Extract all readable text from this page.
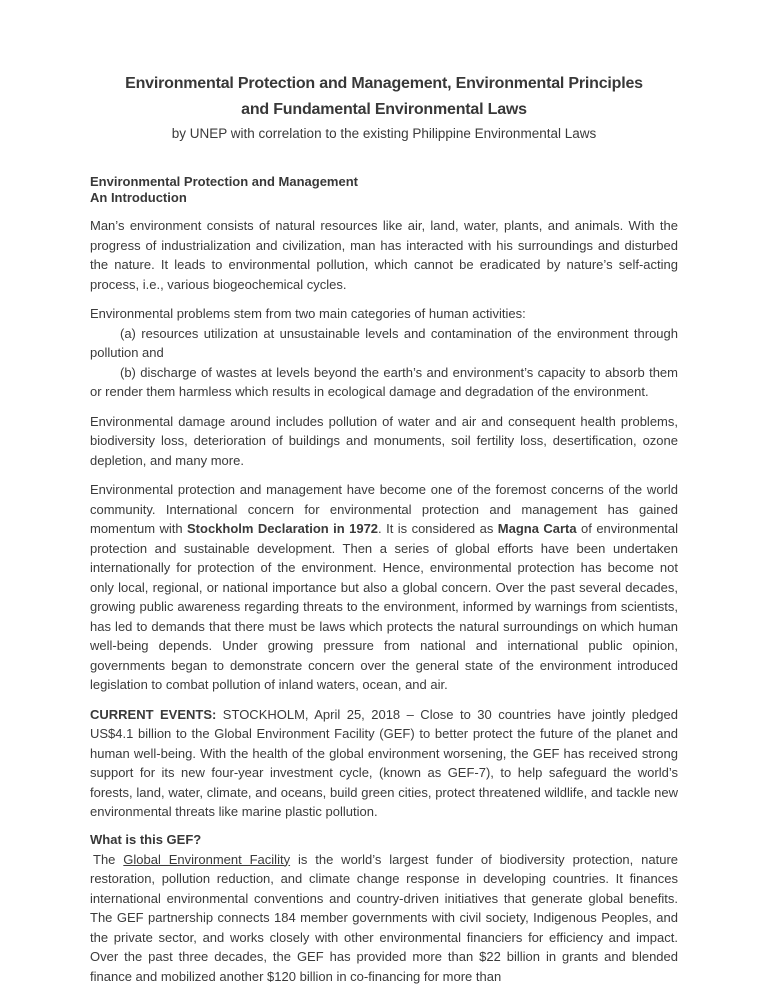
Environmental Protection and Management, Environmental Principles
and Fundamental Environmental Laws
by UNEP with correlation to the existing Philippine Environmental Laws
Environmental Protection and Management
An Introduction

Man’s environment consists of natural resources like air, land, water, plants, and animals. With the progress of industrialization and civilization, man has interacted with his surroundings and disturbed the nature. It leads to environmental pollution, which cannot be eradicated by nature’s self-acting process, i.e., various biogeochemical cycles.

Environmental problems stem from two main categories of human activities:

(a) resources utilization at unsustainable levels and contamination of the environment through pollution and

(b) discharge of wastes at levels beyond the earth’s and environment’s capacity to absorb them or render them harmless which results in ecological damage and degradation of the environment.

Environmental damage around includes pollution of water and air and consequent health problems, biodiversity loss, deterioration of buildings and monuments, soil fertility loss, desertification, ozone depletion, and many more.

Environmental protection and management have become one of the foremost concerns of the world community. International concern for environmental protection and management has gained momentum with Stockholm Declaration in 1972. It is considered as Magna Carta of environmental protection and sustainable development. Then a series of global efforts have been undertaken internationally for protection of the environment. Hence, environmental protection has become not only local, regional, or national importance but also a global concern. Over the past several decades, growing public awareness regarding threats to the environment, informed by warnings from scientists, has led to demands that there must be laws which protects the natural surroundings on which human well-being depends. Under growing pressure from national and international public opinion, governments began to demonstrate concern over the general state of the environment introduced legislation to combat pollution of inland waters, ocean, and air.

CURRENT EVENTS: STOCKHOLM, April 25, 2018 – Close to 30 countries have jointly pledged US$4.1 billion to the Global Environment Facility (GEF) to better protect the future of the planet and human well-being. With the health of the global environment worsening, the GEF has received strong support for its new four-year investment cycle, (known as GEF-7), to help safeguard the world’s forests, land, water, climate, and oceans, build green cities, protect threatened wildlife, and tackle new environmental threats like marine plastic pollution.

What is this GEF?

The Global Environment Facility is the world’s largest funder of biodiversity protection, nature restoration, pollution reduction, and climate change response in developing countries. It finances international environmental conventions and country-driven initiatives that generate global benefits. The GEF partnership connects 184 member governments with civil society, Indigenous Peoples, and the private sector, and works closely with other environmental financiers for efficiency and impact. Over the past three decades, the GEF has provided more than $22 billion in grants and blended finance and mobilized another $120 billion in co-financing for more than
